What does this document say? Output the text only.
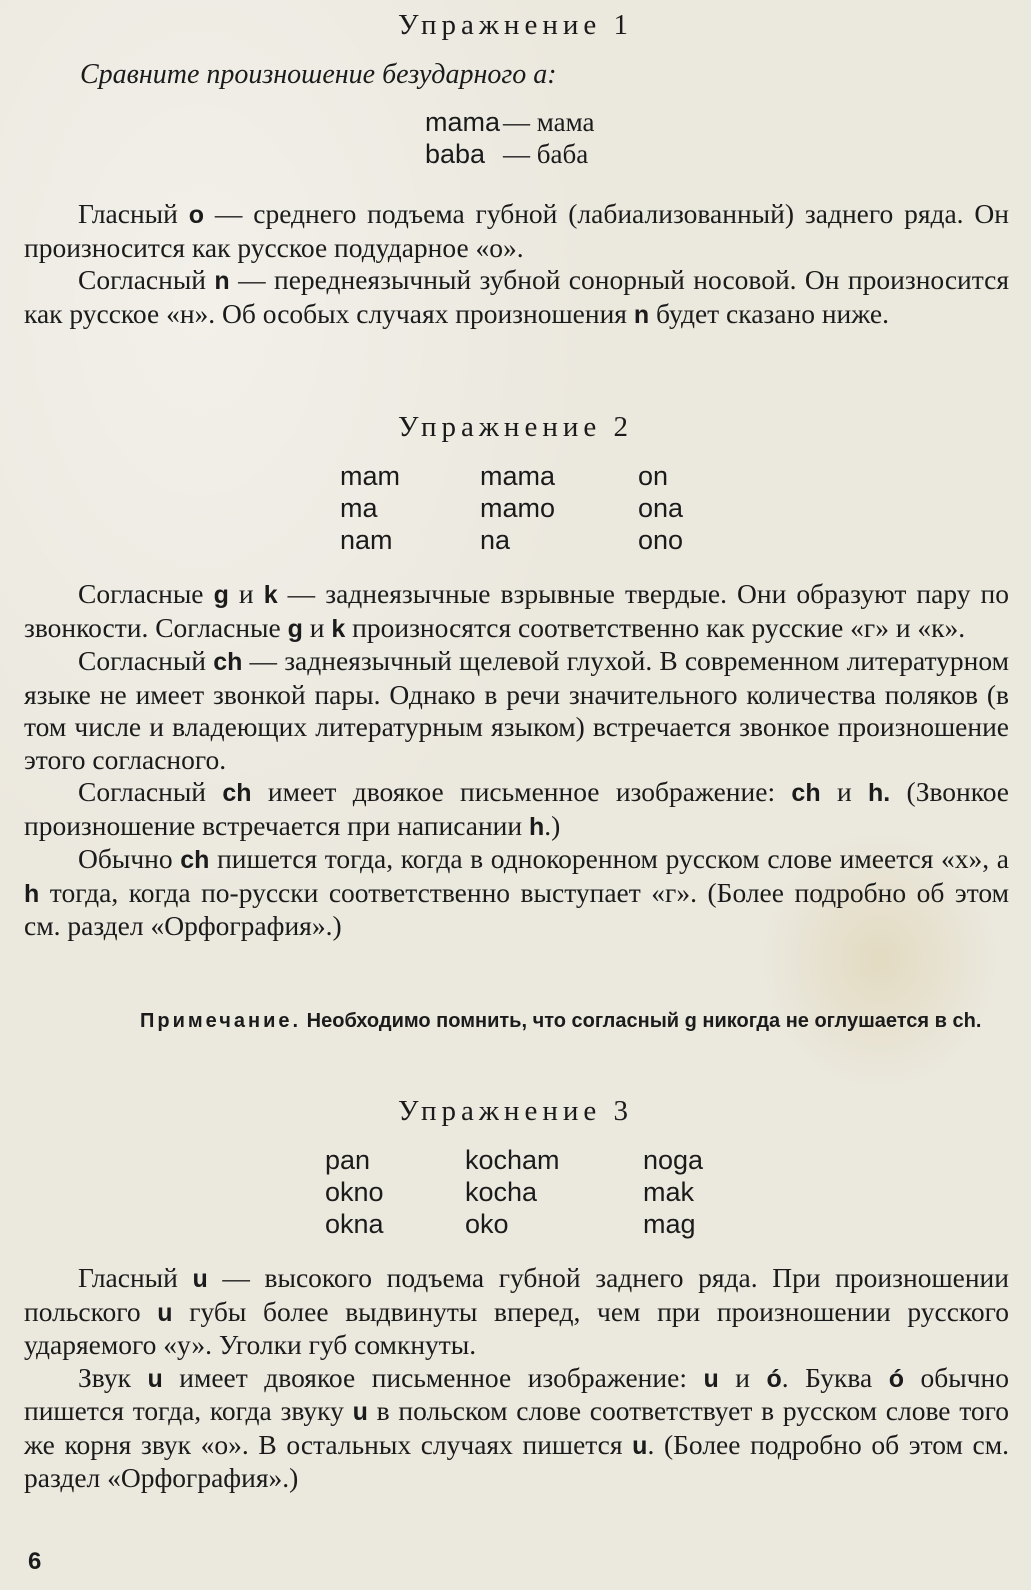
Упражнение 1
Сравните произношение безударного а:
mama — мама
baba — баба

Гласный o — среднего подъема губной (лабиализованный) заднего ряда. Он произносится как русское подударное «о».

Согласный n — переднеязычный зубной сонорный носовой. Он произносится как русское «н». Об особых случаях произношения n будет сказано ниже.

Упражнение 2
mam	mama	on
ma	mamo	ona
nam	na	ono

Согласные g и k — заднеязычные взрывные твердые. Они образуют пару по звонкости. Согласные g и k произносятся соответственно как русские «г» и «к».

Согласный ch — заднеязычный щелевой глухой. В современном литературном языке не имеет звонкой пары. Однако в речи значительного количества поляков (в том числе и владеющих литературным языком) встречается звонкое произношение этого согласного.

Согласный ch имеет двоякое письменное изображение: ch и h. (Звонкое произношение встречается при написании h.)

Обычно ch пишется тогда, когда в однокоренном русском слове имеется «х», а h тогда, когда по-русски соответственно выступает «г». (Более подробно об этом см. раздел «Орфография».)

Примечание. Необходимо помнить, что согласный g никогда не оглушается в ch.
Упражнение 3
pan	kocham	noga
okno	kocha	mak
okna	oko	mag

Гласный u — высокого подъема губной заднего ряда. При произношении польского u губы более выдвинуты вперед, чем при произношении русского ударяемого «у». Уголки губ сомкнуты.

Звук u имеет двоякое письменное изображение: u и ó. Буква ó обычно пишется тогда, когда звуку u в польском слове соответствует в русском слове того же корня звук «о». В остальных случаях пишется u. (Более подробно об этом см. раздел «Орфография».)

6
